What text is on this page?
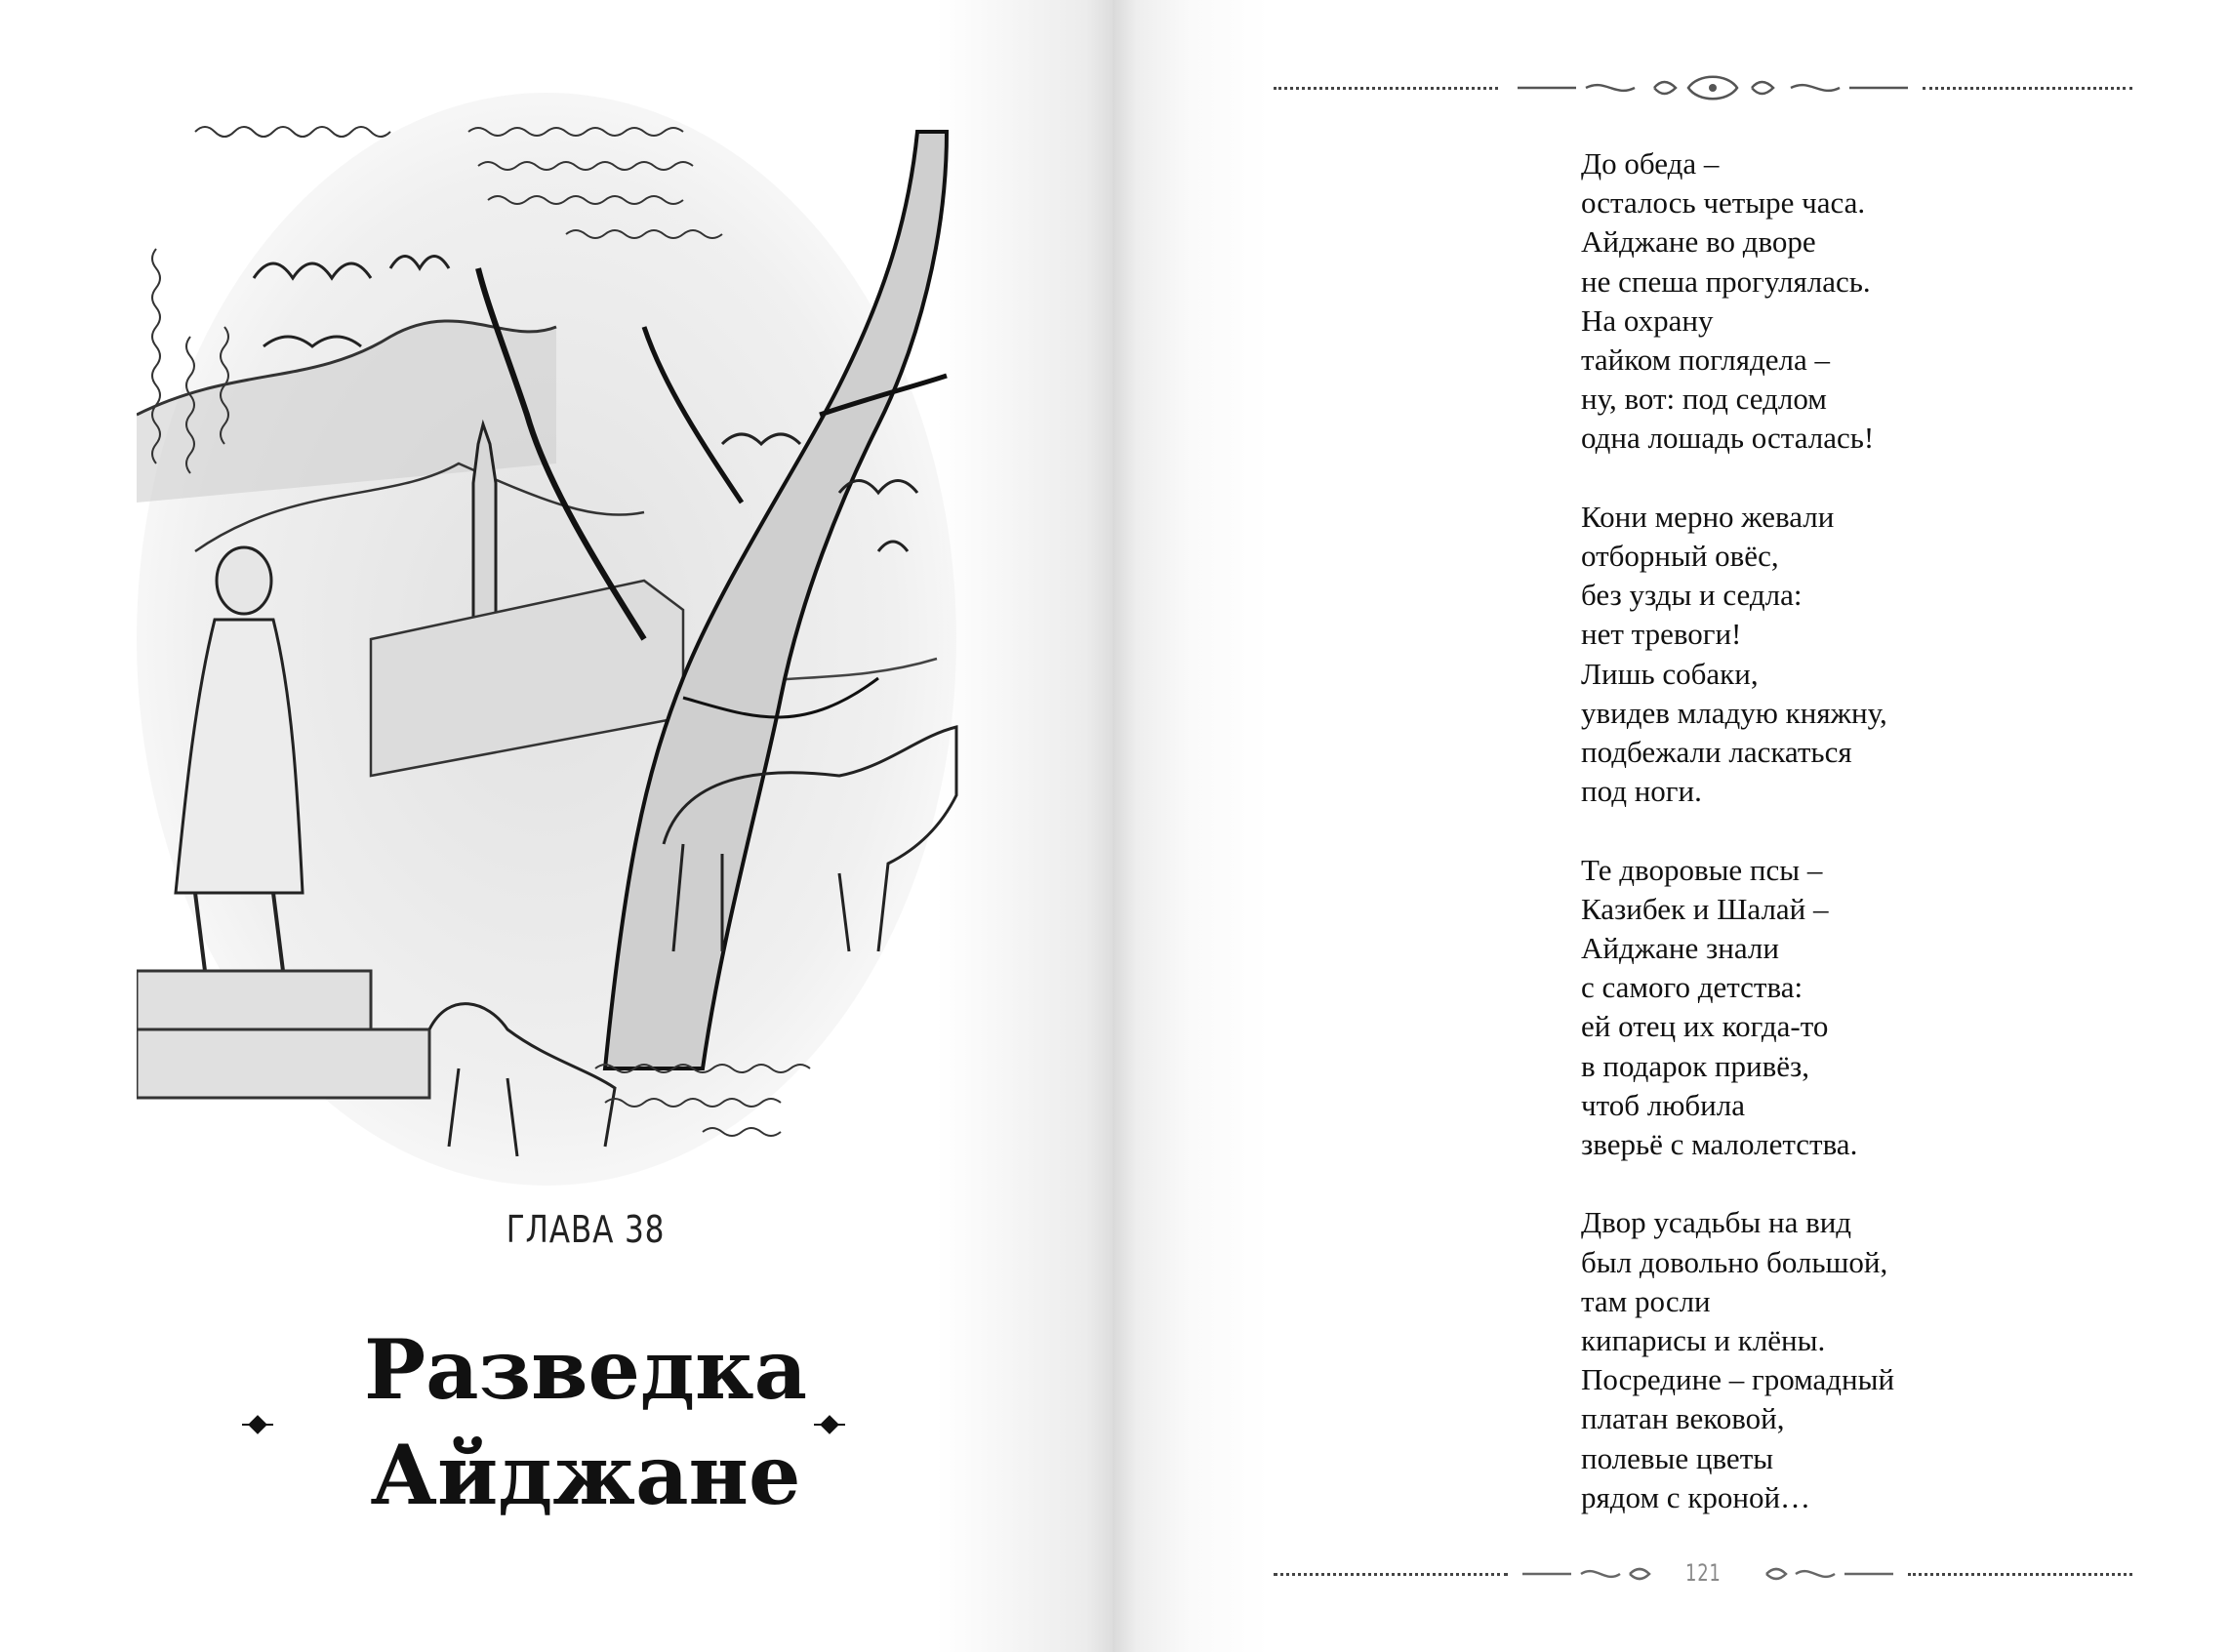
ГЛАВА 38
Разведка
Айджане
До обеда –
осталось четыре часа.
Айджане во дворе
не спеша прогулялась.
На охрану
тайком поглядела –
ну, вот: под седлом
одна лошадь осталась!
Кони мерно жевали
отборный овёс,
без узды и седла:
нет тревоги!
Лишь собаки,
увидев младую княжну,
подбежали ласкаться
под ноги.
Те дворовые псы –
Казибек и Шалай –
Айджане знали
с самого детства:
ей отец их когда-то
в подарок привёз,
чтоб любила
зверьё с малолетства.
Двор усадьбы на вид
был довольно большой,
там росли
кипарисы и клёны.
Посредине – громадный
платан вековой,
полевые цветы
рядом с кроной…
121
